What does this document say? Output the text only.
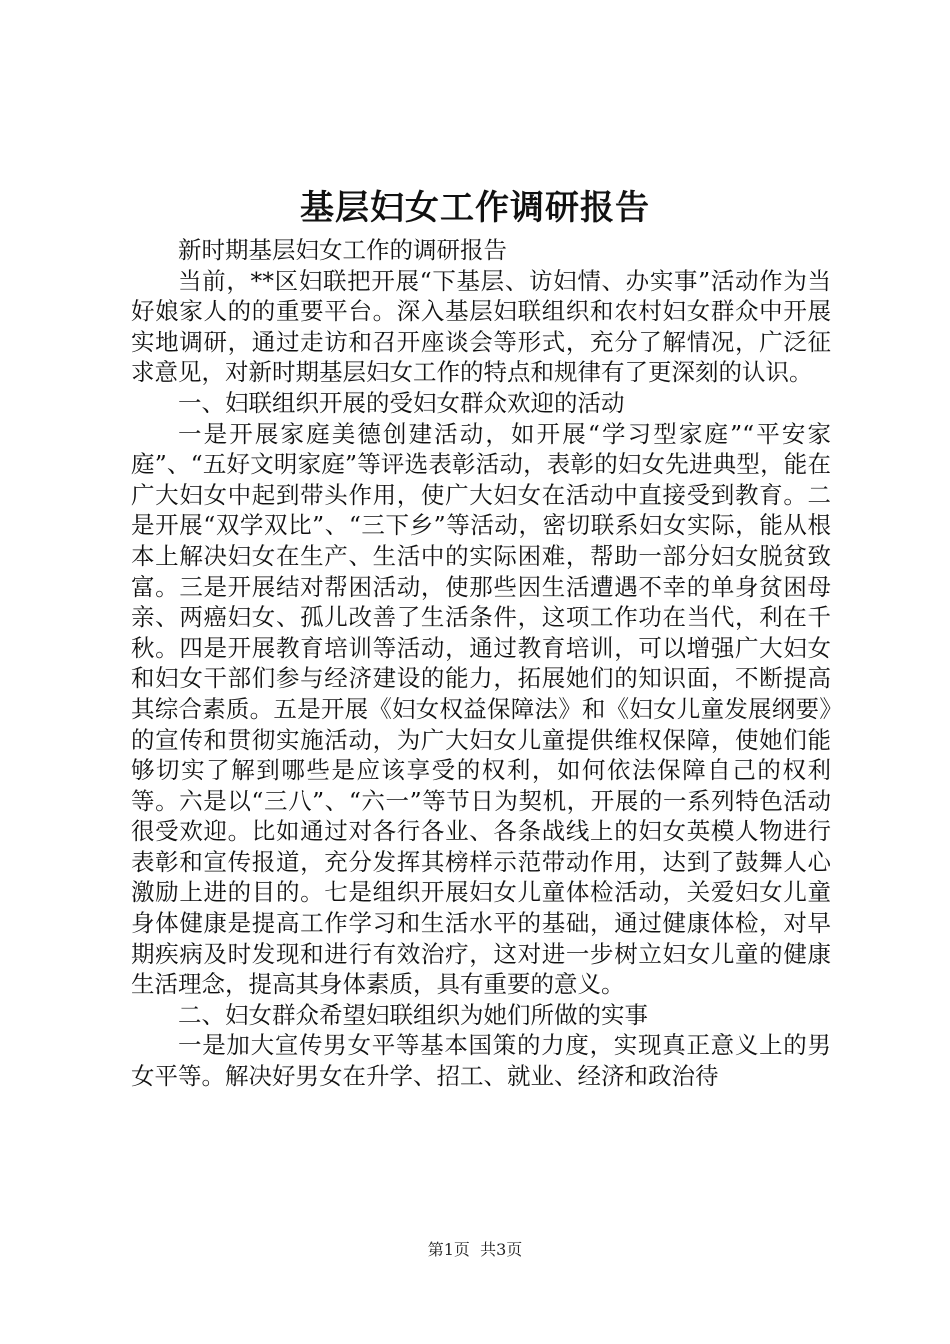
基层妇女工作调研报告

新时期基层妇女工作的调研报告

当前，**区妇联把开展“下基层、访妇情、办实事”活动作为当好娘家人的的重要平台。深入基层妇联组织和农村妇女群众中开展实地调研，通过走访和召开座谈会等形式，充分了解情况，广泛征求意见，对新时期基层妇女工作的特点和规律有了更深刻的认识。

一、妇联组织开展的受妇女群众欢迎的活动

一是开展家庭美德创建活动，如开展“学习型家庭”“平安家庭”、“五好文明家庭”等评选表彰活动，表彰的妇女先进典型，能在广大妇女中起到带头作用，使广大妇女在活动中直接受到教育。二是开展“双学双比”、“三下乡”等活动，密切联系妇女实际，能从根本上解决妇女在生产、生活中的实际困难，帮助一部分妇女脱贫致富。三是开展结对帮困活动，使那些因生活遭遇不幸的单身贫困母亲、两癌妇女、孤儿改善了生活条件，这项工作功在当代，利在千秋。四是开展教育培训等活动，通过教育培训，可以增强广大妇女和妇女干部们参与经济建设的能力，拓展她们的知识面，不断提高其综合素质。五是开展《妇女权益保障法》和《妇女儿童发展纲要》的宣传和贯彻实施活动，为广大妇女儿童提供维权保障，使她们能够切实了解到哪些是应该享受的权利，如何依法保障自己的权利等。六是以“三八”、“六一”等节日为契机，开展的一系列特色活动很受欢迎。比如通过对各行各业、各条战线上的妇女英模人物进行表彰和宣传报道，充分发挥其榜样示范带动作用，达到了鼓舞人心激励上进的目的。七是组织开展妇女儿童体检活动，关爱妇女儿童身体健康是提高工作学习和生活水平的基础，通过健康体检，对早期疾病及时发现和进行有效治疗，这对进一步树立妇女儿童的健康生活理念，提高其身体素质，具有重要的意义。

二、妇女群众希望妇联组织为她们所做的实事

一是加大宣传男女平等基本国策的力度，实现真正意义上的男女平等。解决好男女在升学、招工、就业、经济和政治待

第1页 共3页
